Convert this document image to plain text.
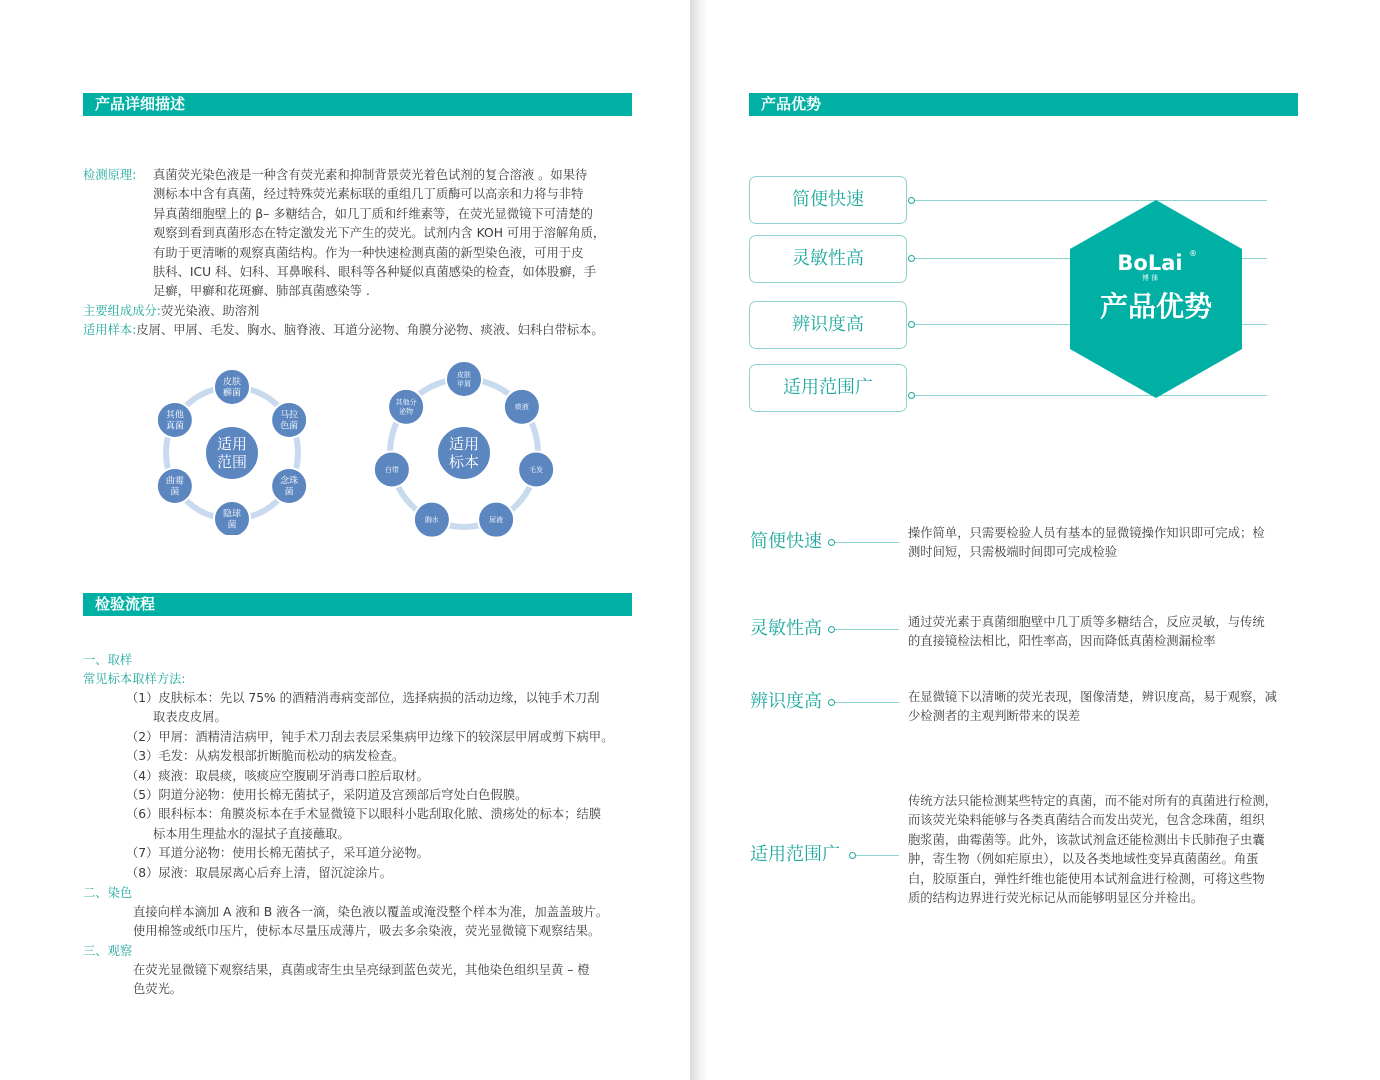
产品详细描述
检测原理: 真菌荧光染色液是一种含有荧光素和抑制背景荧光着色试剂的复合溶液 。如果待
测标本中含有真菌，经过特殊荧光素标联的重组几丁质酶可以高亲和力将与非特
异真菌细胞壁上的 β– 多糖结合，如几丁质和纤维素等，在荧光显微镜下可清楚的
观察到看到真菌形态在特定激发光下产生的荧光。试剂内含 KOH 可用于溶解角质，
有助于更清晰的观察真菌结构。作为一种快速检测真菌的新型染色液，可用于皮
肤科、ICU 科、妇科、耳鼻喉科、眼科等各种疑似真菌感染的检查，如体股癣，手
足癣，甲癣和花斑癣、肺部真菌感染等 .
主要组成成分:荧光染液、助溶剂
适用样本:皮屑、甲屑、毛发、胸水、脑脊液、耳道分泌物、角膜分泌物、痰液、妇科白带标本。
皮肤
癣菌
马拉
色菌
念珠
菌
隐球
菌
曲霉
菌
其他
真菌
适用
范围
皮肤
甲屑
痰液
毛发
尿液
胸水
白带
其他分
泌物
适用
标本
检验流程
一、取样
常见标本取样方法:
（1）皮肤标本：先以 75% 的酒精消毒病变部位，选择病损的活动边缘，以钝手术刀刮
取表皮皮屑。
（2）甲屑：酒精清洁病甲，钝手术刀刮去表层采集病甲边缘下的较深层甲屑或剪下病甲。
（3）毛发：从病发根部折断脆而松动的病发检查。
（4）痰液：取晨痰，咳痰应空腹刷牙消毒口腔后取材。
（5）阴道分泌物：使用长棉无菌拭子，采阴道及宫颈部后穹处白色假膜。
（6）眼科标本：角膜炎标本在手术显微镜下以眼科小匙刮取化脓、溃疡处的标本；结膜
标本用生理盐水的湿拭子直接蘸取。
（7）耳道分泌物：使用长棉无菌拭子，采耳道分泌物。
（8）尿液：取晨尿离心后弃上清，留沉淀涂片。
二、染色
直接向样本滴加 A 液和 B 液各一滴，染色液以覆盖或淹没整个样本为准，加盖盖玻片。
使用棉签或纸巾压片，使标本尽量压成薄片，吸去多余染液，荧光显微镜下观察结果。
三、观察
在荧光显微镜下观察结果，真菌或寄生虫呈亮绿到蓝色荧光，其他染色组织呈黄 – 橙
色荧光。
产品优势
简便快速
灵敏性高
辨识度高
适用范围广
BoLai ®
博 徕
产品优势
简便快速	操作简单，只需要检验人员有基本的显微镜操作知识即可完成；检
测时间短，只需极端时间即可完成检验
灵敏性高	通过荧光素于真菌细胞壁中几丁质等多糖结合，反应灵敏，与传统
的直接镜检法相比，阳性率高，因而降低真菌检测漏检率
辨识度高	在显微镜下以清晰的荧光表现，图像清楚，辨识度高，易于观察，减
少检测者的主观判断带来的误差
适用范围广
传统方法只能检测某些特定的真菌，而不能对所有的真菌进行检测，
而该荧光染料能够与各类真菌结合而发出荧光，包含念珠菌，组织
胞浆菌，曲霉菌等。此外，该款试剂盒还能检测出卡氏肺孢子虫囊
肿，寄生物（例如疟原虫），以及各类地域性变异真菌菌丝。角蛋
白，胶原蛋白，弹性纤维也能使用本试剂盒进行检测，可将这些物
质的结构边界进行荧光标记从而能够明显区分并检出。
